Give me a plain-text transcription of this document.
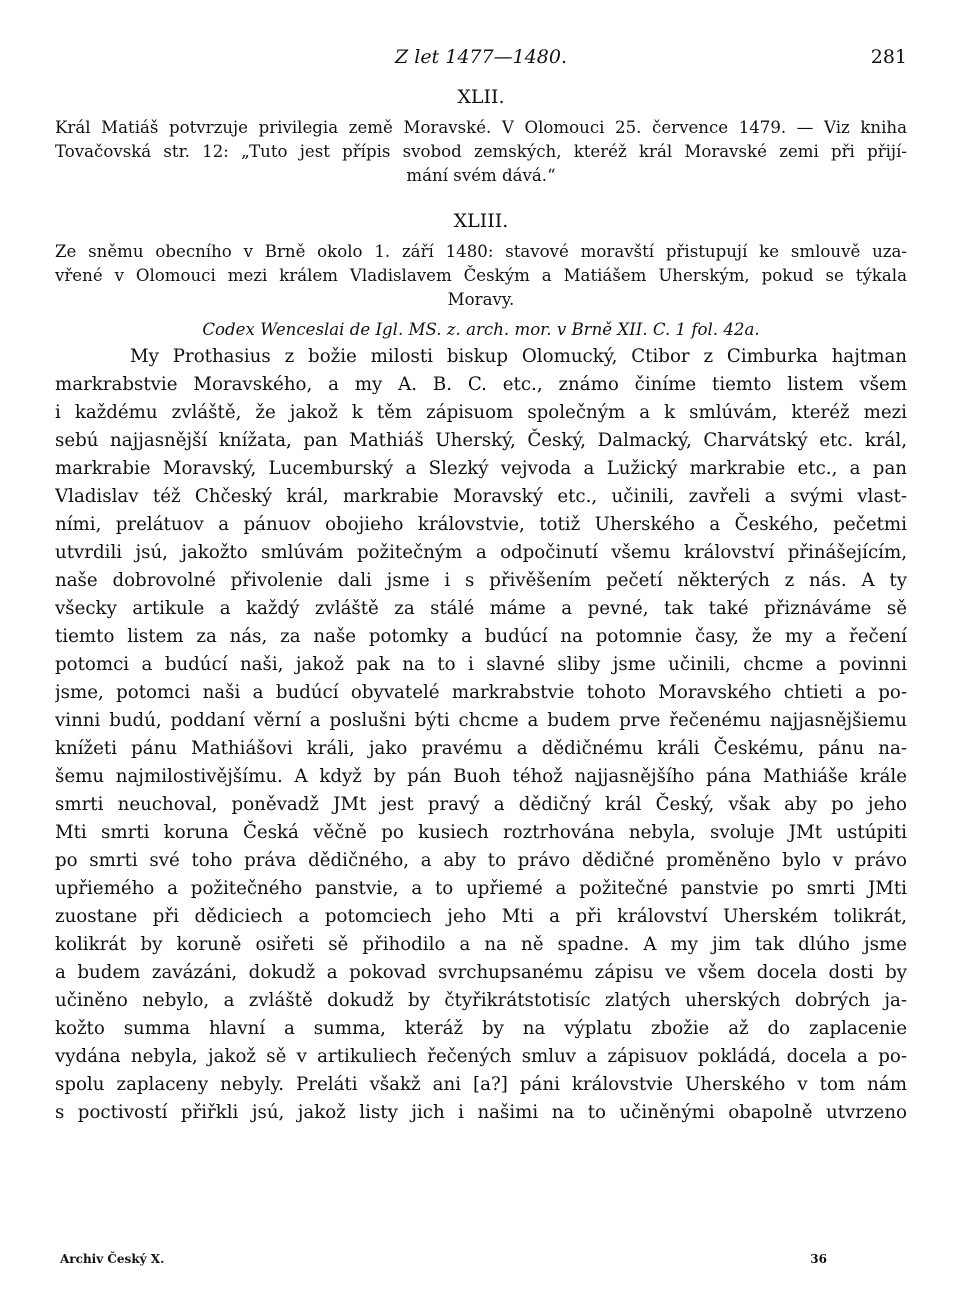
Z let 1477—1480.	281
XLII.
Král Matiáš potvrzuje privilegia země Moravské. V Olomouci 25. července 1479. — Viz kniha
Tovačovská str. 12: „Tuto jest přípis svobod zemských, kteréž král Moravské zemi při přijí-
mání svém dává.“
XLIII.
Ze sněmu obecního v Brně okolo 1. září 1480: stavové moravští přistupují ke smlouvě uza-
vřené v Olomouci mezi králem Vladislavem Českým a Matiášem Uherským, pokud se týkala
Moravy.
Codex Wenceslai de Igl. MS. z. arch. mor. v Brně XII. C. 1 fol. 42a.

My Prothasius z božie milosti biskup Olomucký, Ctibor z Cimburka hajtman
markrabstvie Moravského, a my A. B. C. etc., známo činíme tiemto listem všem
i každému zvláště, že jakož k těm zápisuom společným a k smlúvám, kteréž mezi
sebú najjasnější knížata, pan Mathiáš Uherský, Český, Dalmacký, Charvátský etc. král,
markrabie Moravský, Lucemburský a Slezký vejvoda a Lužický markrabie etc., a pan
Vladislav též Chčeský král, markrabie Moravský etc., učinili, zavřeli a svými vlast-
ními, prelátuov a pánuov obojieho královstvie, totiž Uherského a Českého, pečetmi
utvrdili jsú, jakožto smlúvám požitečným a odpočinutí všemu království přinášejícím,
naše dobrovolné přivolenie dali jsme i s přivěšením pečetí některých z nás. A ty
všecky artikule a každý zvláště za stálé máme a pevné, tak také přiznáváme sě
tiemto listem za nás, za naše potomky a budúcí na potomnie časy, že my a řečení
potomci a budúcí naši, jakož pak na to i slavné sliby jsme učinili, chcme a povinni
jsme, potomci naši a budúcí obyvatelé markrabstvie tohoto Moravského chtieti a po-
vinni budú, poddaní věrní a poslušni býti chcme a budem prve řečenému najjasnějšiemu
knížeti pánu Mathiášovi králi, jako pravému a dědičnému králi Českému, pánu na-
šemu najmilostivějšímu. A když by pán Buoh téhož najjasnějšího pána Mathiáše krále
smrti neuchoval, poněvadž JMt jest pravý a dědičný král Český, však aby po jeho
Mti smrti koruna Česká věčně po kusiech roztrhována nebyla, svoluje JMt ustúpiti
po smrti své toho práva dědičného, a aby to právo dědičné proměněno bylo v právo
upřiemého a požitečného panstvie, a to upřiemé a požitečné panstvie po smrti JMti
zuostane při dědiciech a potomciech jeho Mti a při království Uherském tolikrát,
kolikrát by koruně osiřeti sě přihodilo a na ně spadne. A my jim tak dlúho jsme
a budem zavázáni, dokudž a pokovad svrchupsanému zápisu ve všem docela dosti by
učiněno nebylo, a zvláště dokudž by čtyřikrátstotisíc zlatých uherských dobrých ja-
kožto summa hlavní a summa, kteráž by na výplatu zbožie až do zaplacenie
vydána nebyla, jakož sě v artikuliech řečených smluv a zápisuov pokládá, docela a po-
spolu zaplaceny nebyly. Preláti všakž ani [a?] páni královstvie Uherského v tom nám
s poctivostí přiřkli jsú, jakož listy jich i našimi na to učiněnými obapolně utvrzeno

Archiv Český X.	36
